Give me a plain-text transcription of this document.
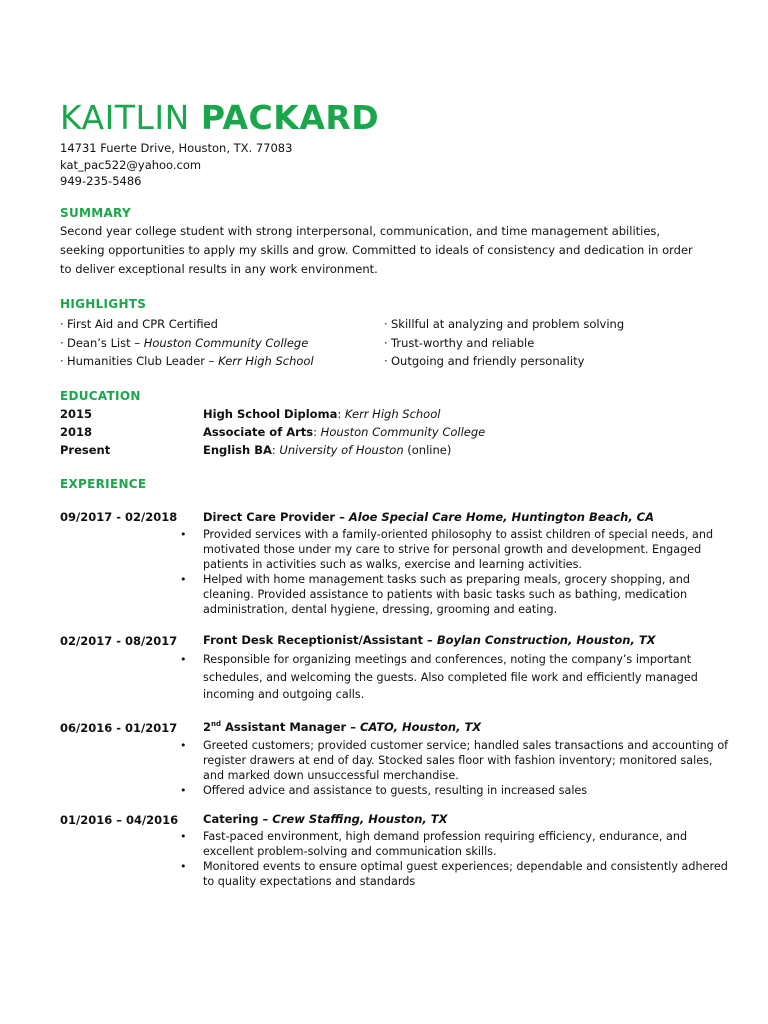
KAITLIN PACKARD
14731 Fuerte Drive, Houston, TX. 77083
kat_pac522@yahoo.com
949-235-5486
SUMMARY
Second year college student with strong interpersonal, communication, and time management abilities, seeking opportunities to apply my skills and grow. Committed to ideals of consistency and dedication in order to deliver exceptional results in any work environment.
HIGHLIGHTS
· First Aid and CPR Certified
· Dean’s List – Houston Community College
· Humanities Club Leader – Kerr High School
· Skillful at analyzing and problem solving
· Trust-worthy and reliable
· Outgoing and friendly personality
EDUCATION
2015	High School Diploma: Kerr High School
2018	Associate of Arts: Houston Community College
Present	English BA: University of Houston (online)
EXPERIENCE
09/2017 - 02/2018 Direct Care Provider – Aloe Special Care Home, Huntington Beach, CA
• Provided services with a family-oriented philosophy to assist children of special needs, and motivated those under my care to strive for personal growth and development. Engaged patients in activities such as walks, exercise and learning activities.
• Helped with home management tasks such as preparing meals, grocery shopping, and cleaning. Provided assistance to patients with basic tasks such as bathing, medication administration, dental hygiene, dressing, grooming and eating.
02/2017 - 08/2017 Front Desk Receptionist/Assistant – Boylan Construction, Houston, TX
• Responsible for organizing meetings and conferences, noting the company’s important schedules, and welcoming the guests. Also completed file work and efficiently managed incoming and outgoing calls.
06/2016 - 01/2017 2nd Assistant Manager – CATO, Houston, TX
• Greeted customers; provided customer service; handled sales transactions and accounting of register drawers at end of day. Stocked sales floor with fashion inventory; monitored sales, and marked down unsuccessful merchandise.
• Offered advice and assistance to guests, resulting in increased sales
01/2016 – 04/2016 Catering – Crew Staffing, Houston, TX
• Fast-paced environment, high demand profession requiring efficiency, endurance, and excellent problem-solving and communication skills.
• Monitored events to ensure optimal guest experiences; dependable and consistently adhered to quality expectations and standards
